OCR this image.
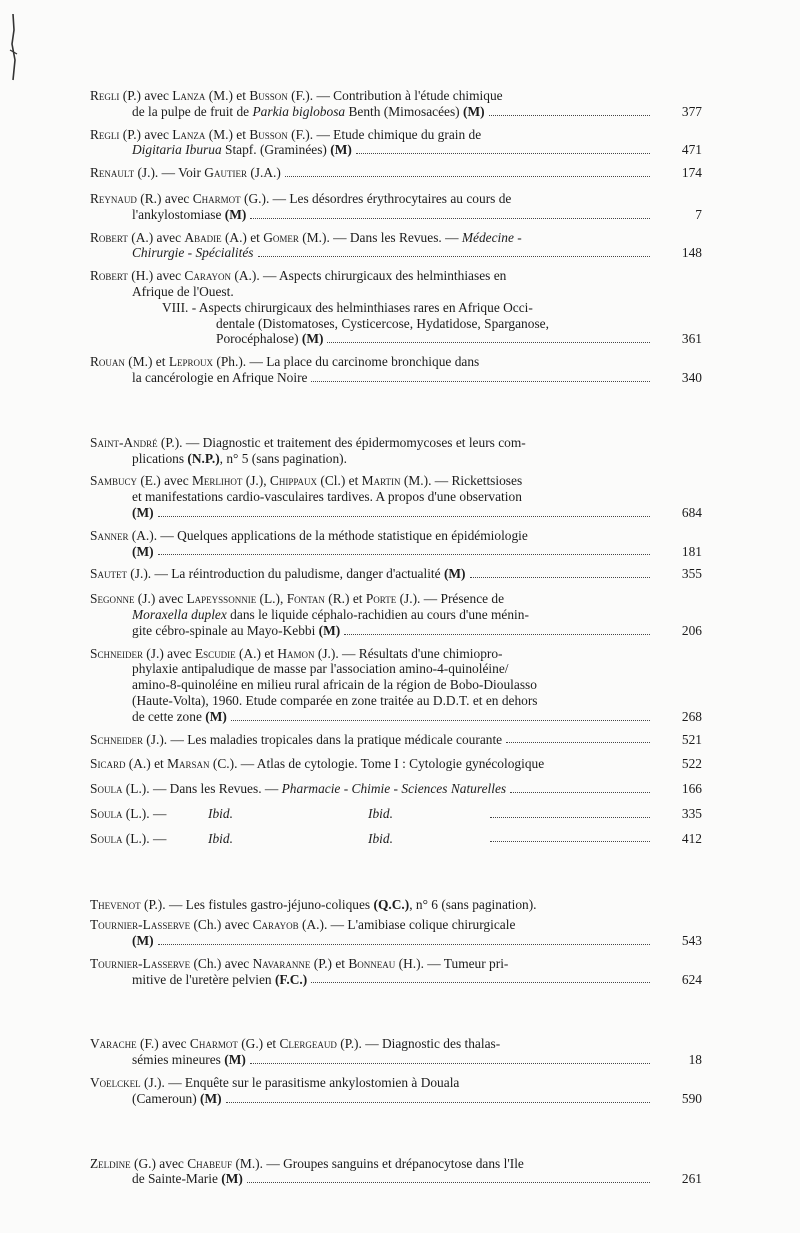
Regli (P.) avec Lanza (M.) et Busson (F.). — Contribution à l'étude chimique
de la pulpe de fruit de Parkia biglobosa Benth (Mimosacées) (M)	377
Regli (P.) avec Lanza (M.) et Busson (F.). — Etude chimique du grain de
Digitaria Iburua Stapf. (Graminées) (M)	471
Renault (J.). — Voir Gautier (J.A.)	174
Reynaud (R.) avec Charmot (G.). — Les désordres érythrocytaires au cours de
l'ankylostomiase (M)	7
Robert (A.) avec Abadie (A.) et Gomer (M.). — Dans les Revues. — Médecine -
Chirurgie - Spécialités	148
Robert (H.) avec Carayon (A.). — Aspects chirurgicaux des helminthiases en
Afrique de l'Ouest.
VIII. - Aspects chirurgicaux des helminthiases rares en Afrique Occi-
dentale (Distomatoses, Cysticercose, Hydatidose, Sparganose,
Porocéphalose) (M)	361
Rouan (M.) et Leproux (Ph.). — La place du carcinome bronchique dans
la cancérologie en Afrique Noire	340
Saint-André (P.). — Diagnostic et traitement des épidermomycoses et leurs com-
plications (N.P.), n° 5 (sans pagination).
Sambucy (E.) avec Merlihot (J.), Chippaux (Cl.) et Martin (M.). — Rickettsioses
et manifestations cardio-vasculaires tardives. A propos d'une observation
(M)	684
Sanner (A.). — Quelques applications de la méthode statistique en épidémiologie
(M)	181
Sautet (J.). — La réintroduction du paludisme, danger d'actualité (M)	355
Segonne (J.) avec Lapeyssonnie (L.), Fontan (R.) et Porte (J.). — Présence de
Moraxella duplex dans le liquide céphalo-rachidien au cours d'une ménin-
gite cébro-spinale au Mayo-Kebbi (M)	206
Schneider (J.) avec Escudie (A.) et Hamon (J.). — Résultats d'une chimiopro-
phylaxie antipaludique de masse par l'association amino-4-quinoléine/
amino-8-quinoléine en milieu rural africain de la région de Bobo-Dioulasso
(Haute-Volta), 1960. Etude comparée en zone traitée au D.D.T. et en dehors
de cette zone (M)	268
Schneider (J.). — Les maladies tropicales dans la pratique médicale courante	521
Sicard (A.) et Marsan (C.). — Atlas de cytologie. Tome I : Cytologie gynécologique	522
Soula (L.). — Dans les Revues. — Pharmacie - Chimie - Sciences Naturelles	166
Soula (L.). —	Ibid.	Ibid.	335
Soula (L.). —	Ibid.	Ibid.	412
Thevenot (P.). — Les fistules gastro-jéjuno-coliques (Q.C.), n° 6 (sans pagination).
Tournier-Lasserve (Ch.) avec Carayob (A.). — L'amibiase colique chirurgicale
(M)	543
Tournier-Lasserve (Ch.) avec Navaranne (P.) et Bonneau (H.). — Tumeur pri-
mitive de l'uretère pelvien (F.C.)	624
Varache (F.) avec Charmot (G.) et Clergeaud (P.). — Diagnostic des thalas-
sémies mineures (M)	18
Voelckel (J.). — Enquête sur le parasitisme ankylostomien à Douala
(Cameroun) (M)	590
Zeldine (G.) avec Chabeuf (M.). — Groupes sanguins et drépanocytose dans l'Ile
de Sainte-Marie (M)	261
